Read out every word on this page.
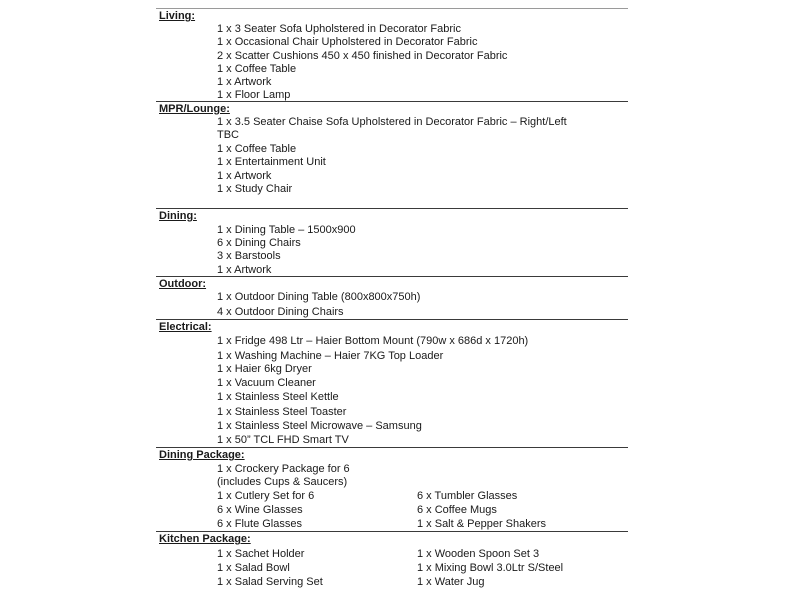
Living:
1 x 3 Seater Sofa Upholstered in Decorator Fabric
1 x Occasional Chair Upholstered in Decorator Fabric
2 x Scatter Cushions 450 x 450 finished in Decorator Fabric
1 x Coffee Table
1 x Artwork
1 x Floor Lamp
MPR/Lounge:
1 x 3.5 Seater Chaise Sofa Upholstered in Decorator Fabric – Right/Left
TBC
1 x Coffee Table
1 x Entertainment Unit
1 x Artwork
1 x Study Chair
Dining:
1 x Dining Table – 1500x900
6 x Dining Chairs
3 x Barstools
1 x Artwork
Outdoor:
1 x Outdoor Dining Table (800x800x750h)
4 x Outdoor Dining Chairs
Electrical:
1 x Fridge 498 Ltr – Haier Bottom Mount (790w x 686d x 1720h)
1 x Washing Machine – Haier 7KG Top Loader
1 x Haier 6kg Dryer
1 x Vacuum Cleaner
1 x Stainless Steel Kettle
1 x Stainless Steel Toaster
1 x Stainless Steel Microwave – Samsung
1 x 50” TCL FHD Smart TV
Dining Package:
1 x Crockery Package for 6
(includes Cups & Saucers)
1 x Cutlery Set for 6
6 x Wine Glasses
6 x Flute Glasses
6 x Tumbler Glasses
6 x Coffee Mugs
1 x Salt & Pepper Shakers
Kitchen Package:
1 x Sachet Holder
1 x Salad Bowl
1 x Salad Serving Set
1 x Wooden Spoon Set 3
1 x Mixing Bowl 3.0Ltr S/Steel
1 x Water Jug
